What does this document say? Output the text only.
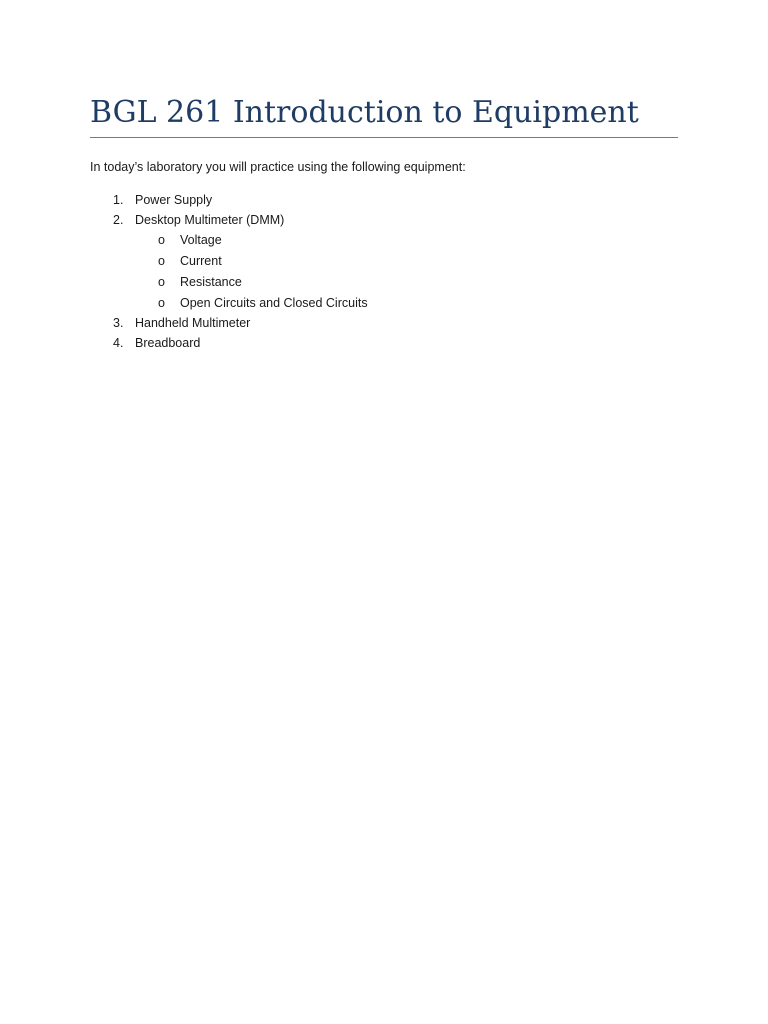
BGL 261 Introduction to Equipment

In today’s laboratory you will practice using the following equipment:

1. Power Supply
2. Desktop Multimeter (DMM)
o Voltage
o Current
o Resistance
o Open Circuits and Closed Circuits
3. Handheld Multimeter
4. Breadboard
